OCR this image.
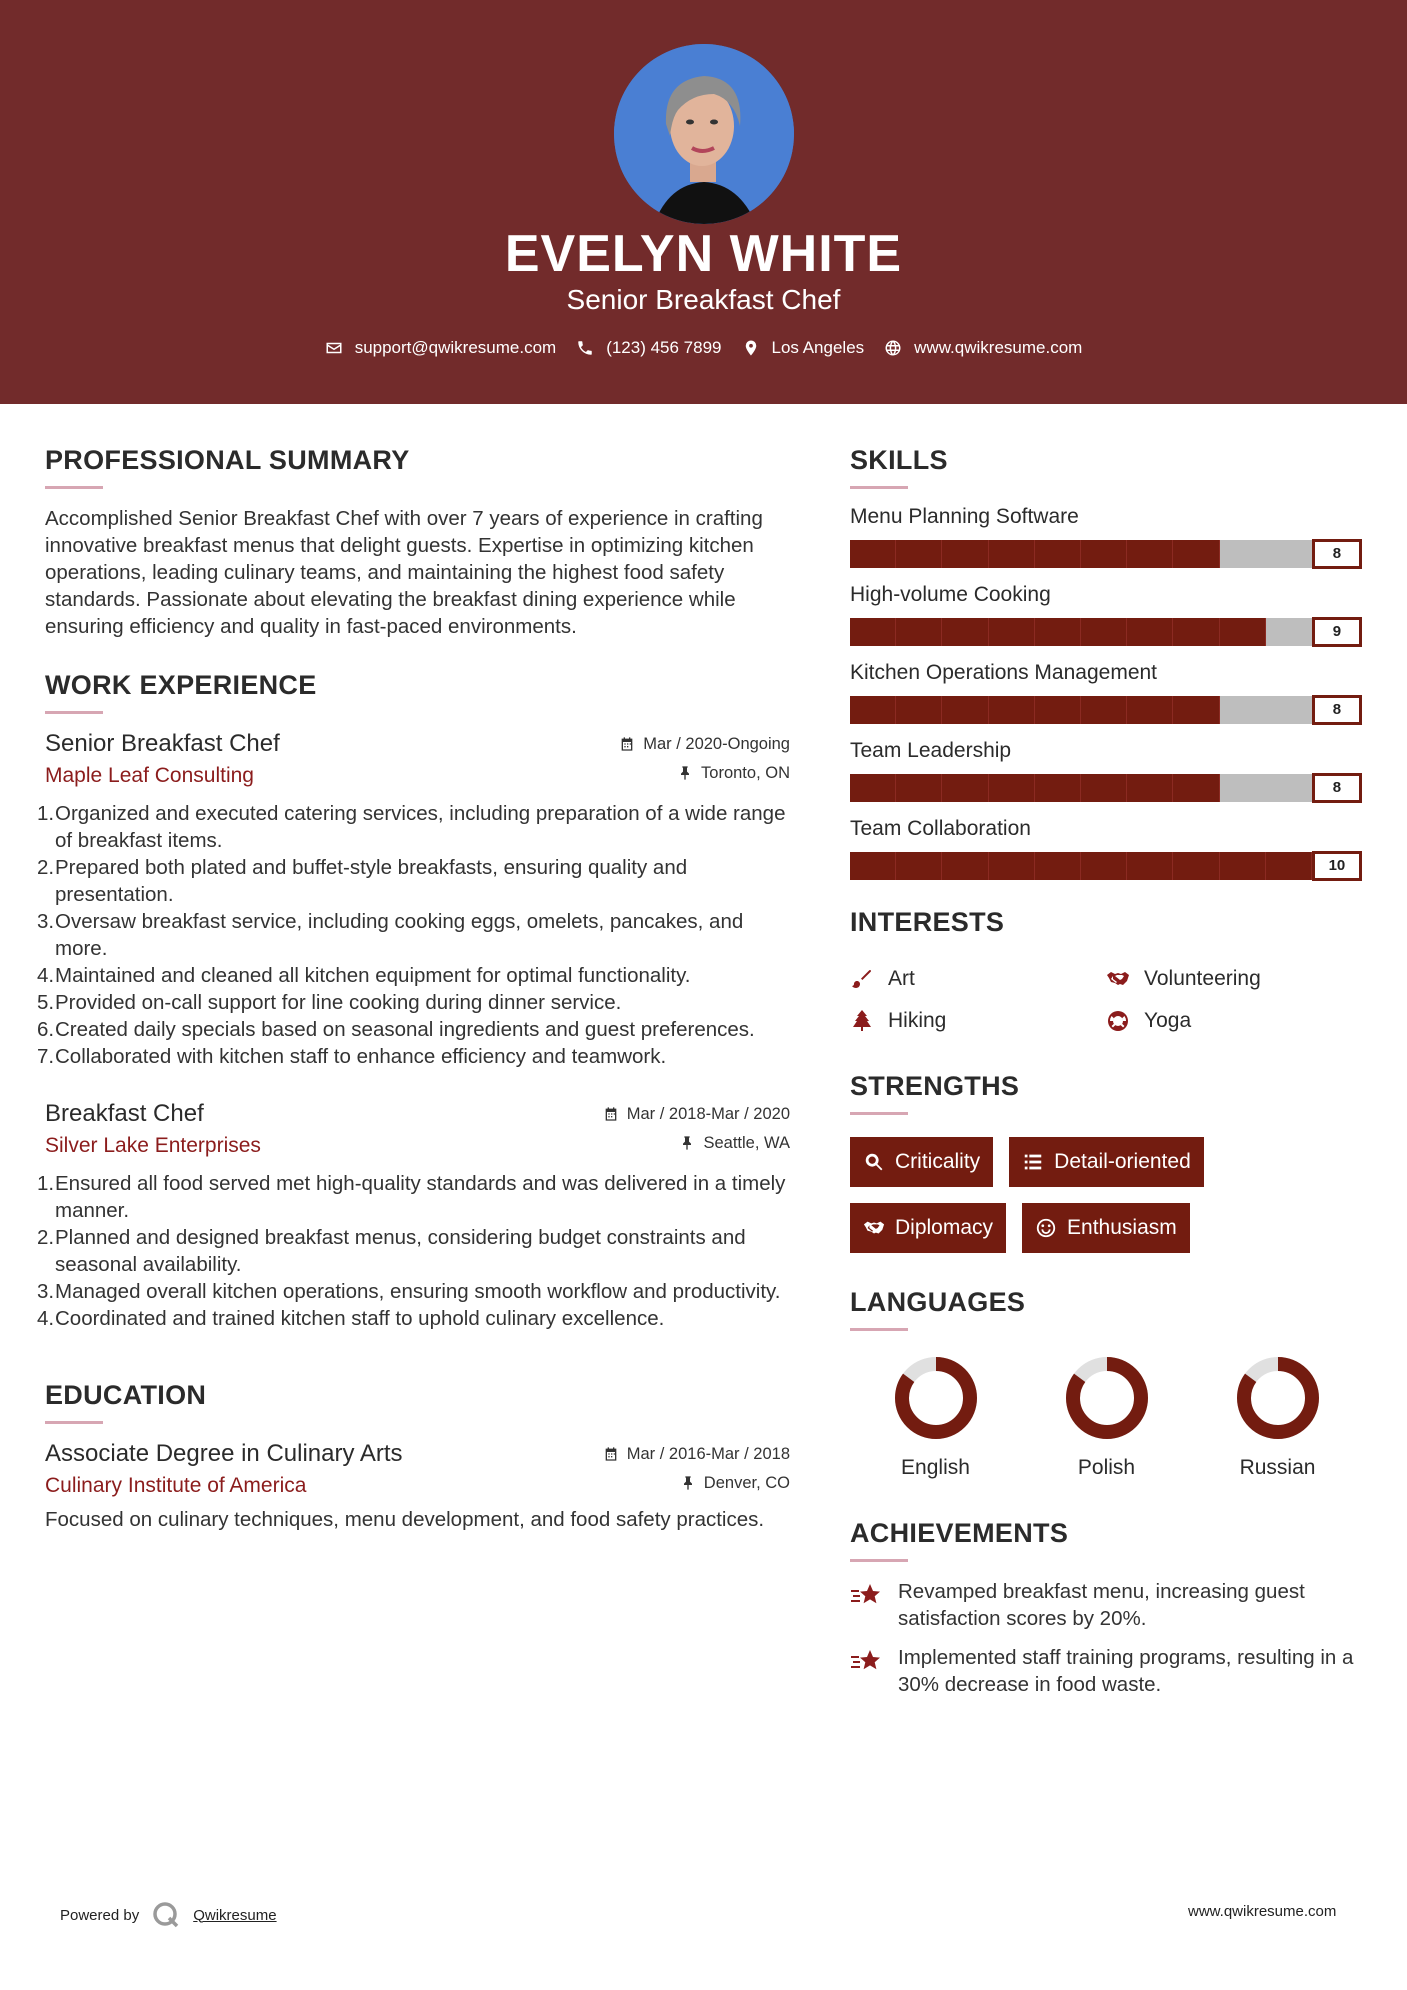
EVELYN WHITE
Senior Breakfast Chef
support@qwikresume.com	(123) 456 7899	Los Angeles	www.qwikresume.com
PROFESSIONAL SUMMARY

Accomplished Senior Breakfast Chef with over 7 years of experience in crafting innovative breakfast menus that delight guests. Expertise in optimizing kitchen operations, leading culinary teams, and maintaining the highest food safety standards. Passionate about elevating the breakfast dining experience while ensuring efficiency and quality in fast-paced environments.

WORK EXPERIENCE
Senior Breakfast Chef	Mar / 2020-Ongoing
Maple Leaf Consulting	Toronto, ON
1. Organized and executed catering services, including preparation of a wide range of breakfast items.
2. Prepared both plated and buffet-style breakfasts, ensuring quality and presentation.
3. Oversaw breakfast service, including cooking eggs, omelets, pancakes, and more.
4. Maintained and cleaned all kitchen equipment for optimal functionality.
5. Provided on-call support for line cooking during dinner service.
6. Created daily specials based on seasonal ingredients and guest preferences.
7. Collaborated with kitchen staff to enhance efficiency and teamwork.
Breakfast Chef	Mar / 2018-Mar / 2020
Silver Lake Enterprises	Seattle, WA
1. Ensured all food served met high-quality standards and was delivered in a timely manner.
2. Planned and designed breakfast menus, considering budget constraints and seasonal availability.
3. Managed overall kitchen operations, ensuring smooth workflow and productivity.
4. Coordinated and trained kitchen staff to uphold culinary excellence.
EDUCATION
Associate Degree in Culinary Arts	Mar / 2016-Mar / 2018
Culinary Institute of America	Denver, CO

Focused on culinary techniques, menu development, and food safety practices.

SKILLS
Menu Planning Software
8
High-volume Cooking
9
Kitchen Operations Management
8
Team Leadership
8
Team Collaboration
10
INTERESTS
Art	Volunteering
Hiking	Yoga
STRENGTHS
Criticality	Detail-oriented
Diplomacy	Enthusiasm
LANGUAGES
English	Polish	Russian
ACHIEVEMENTS
Revamped breakfast menu, increasing guest satisfaction scores by 20%.
Implemented staff training programs, resulting in a 30% decrease in food waste.
Powered by	Qwikresume	www.qwikresume.com
